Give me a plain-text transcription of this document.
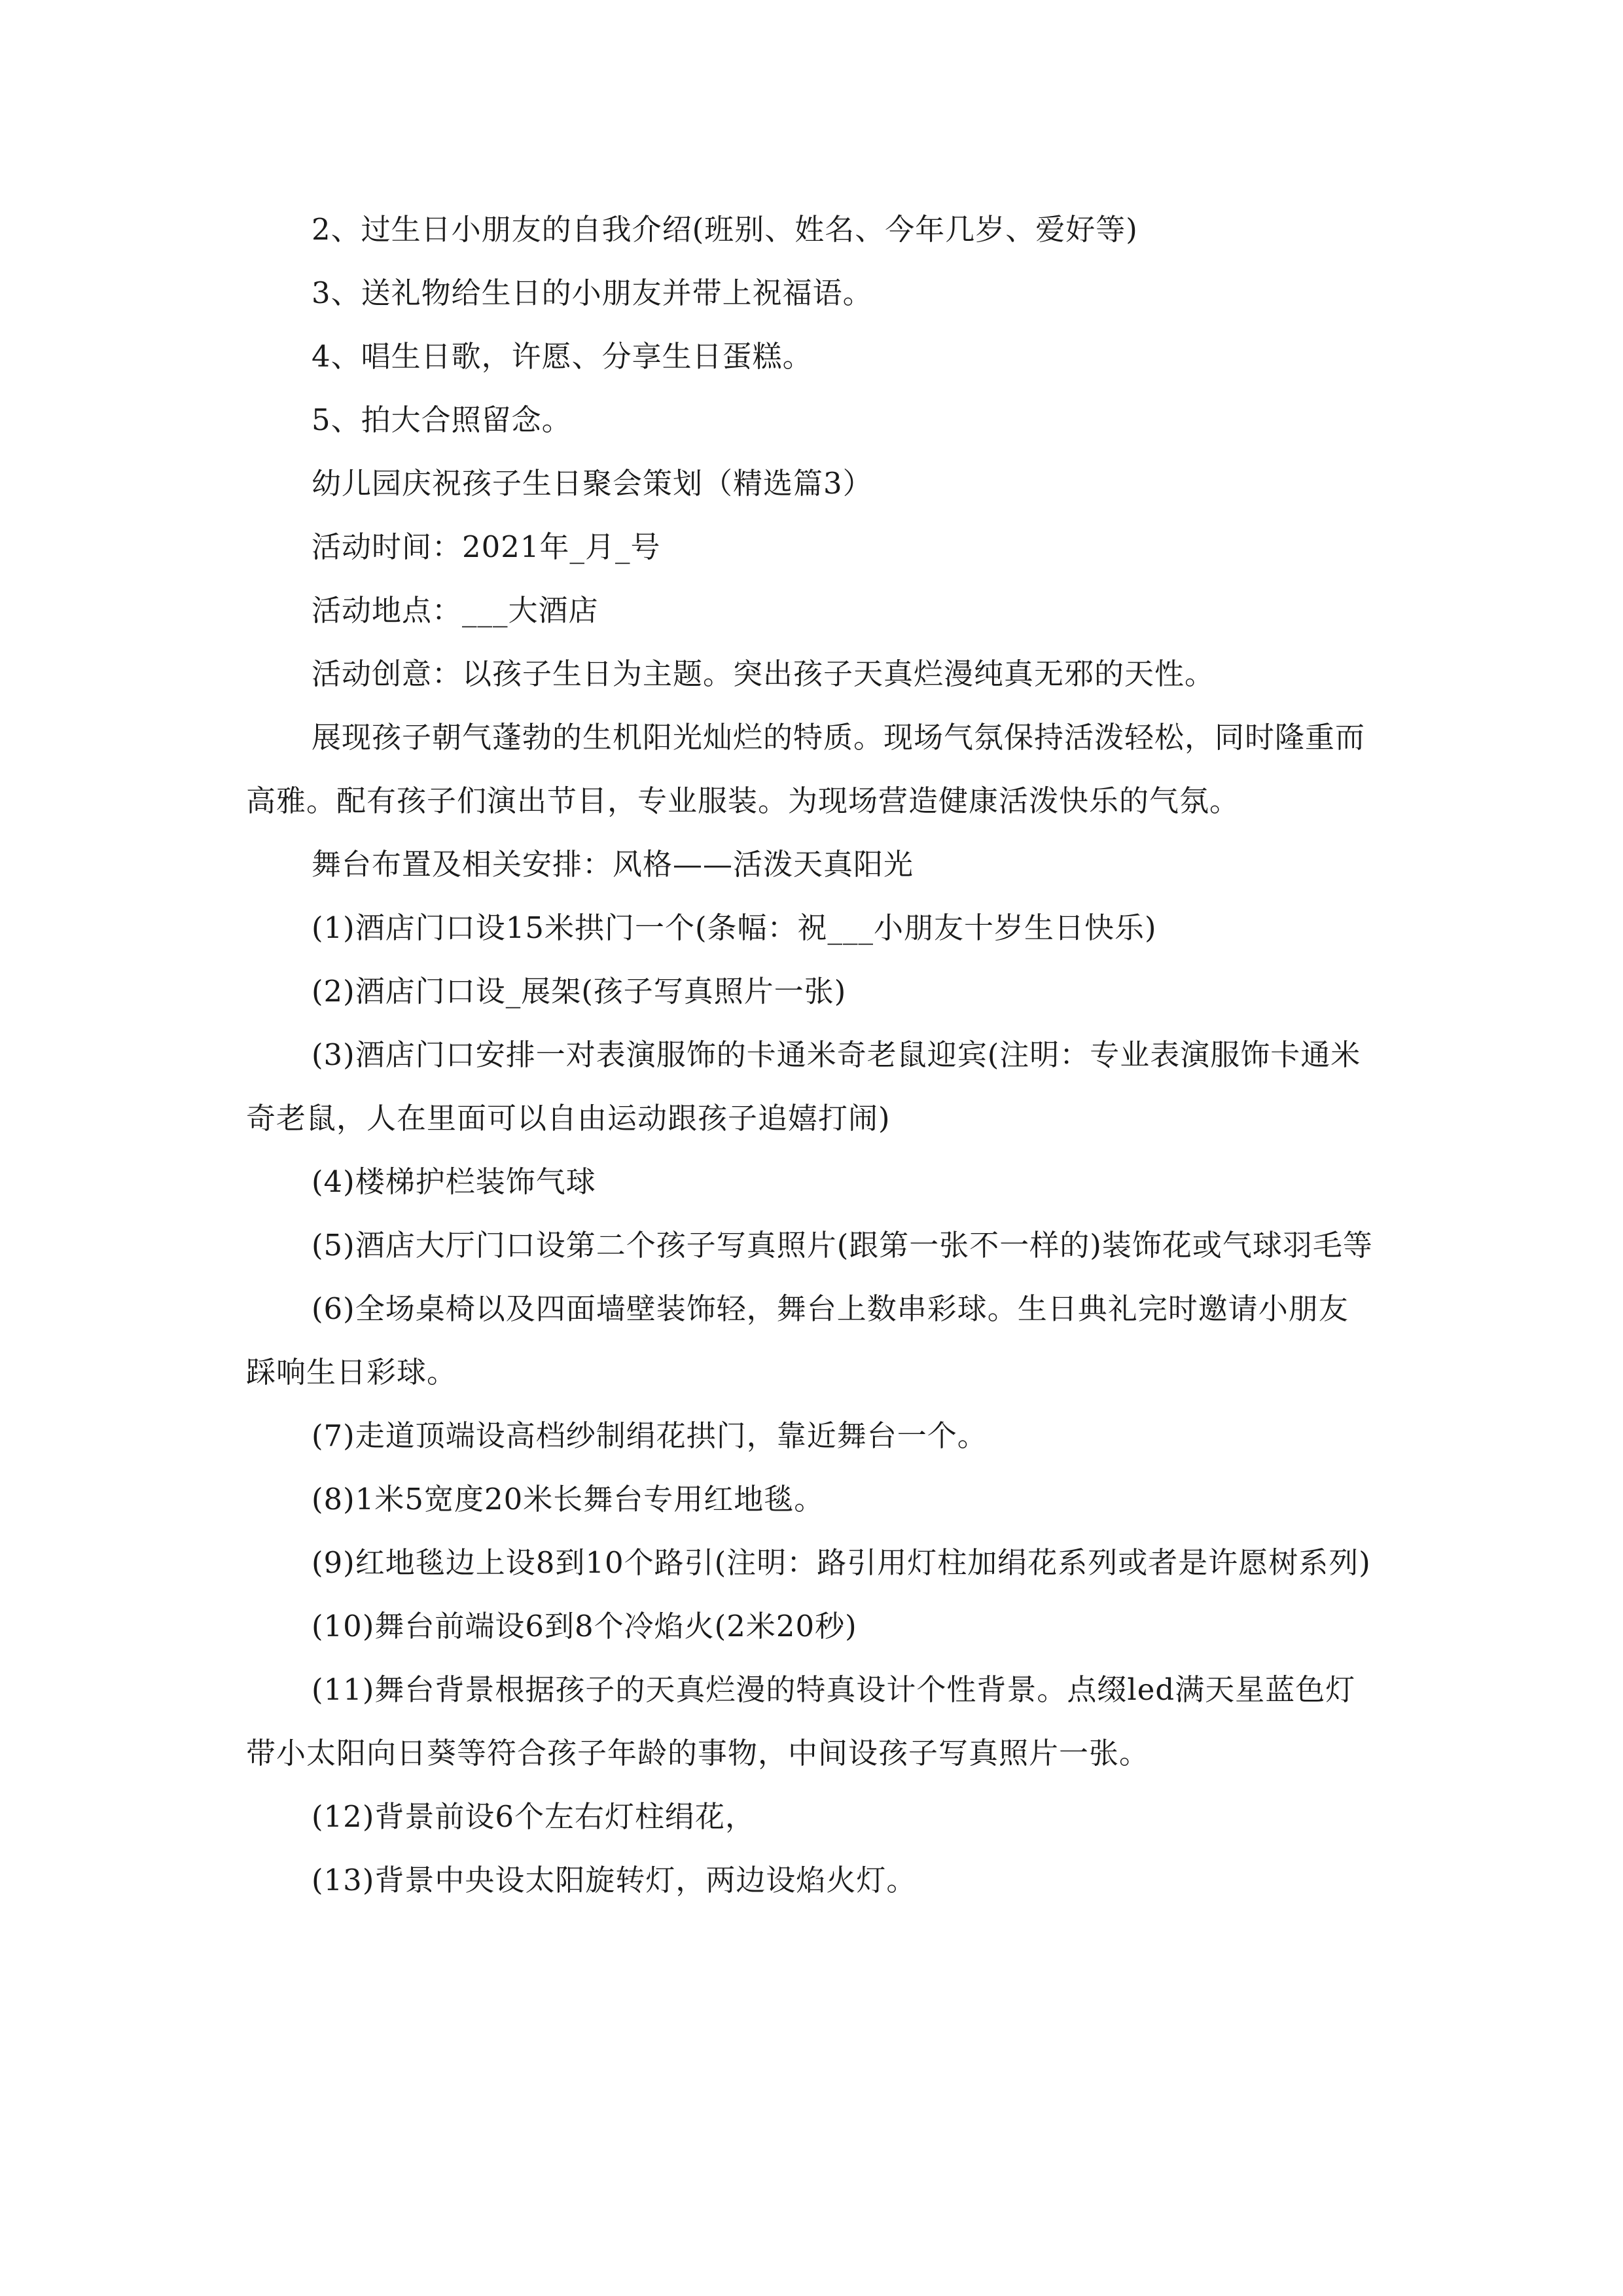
2、过生日小朋友的自我介绍(班别、姓名、今年几岁、爱好等)

3、送礼物给生日的小朋友并带上祝福语。

4、唱生日歌，许愿、分享生日蛋糕。

5、拍大合照留念。

幼儿园庆祝孩子生日聚会策划（精选篇3）

活动时间：2021年_月_号

活动地点：___大酒店

活动创意：以孩子生日为主题。突出孩子天真烂漫纯真无邪的天性。

展现孩子朝气蓬勃的生机阳光灿烂的特质。现场气氛保持活泼轻松，同时隆重而高雅。配有孩子们演出节目，专业服装。为现场营造健康活泼快乐的气氛。

舞台布置及相关安排：风格——活泼天真阳光

(1)酒店门口设15米拱门一个(条幅：祝___小朋友十岁生日快乐)

(2)酒店门口设_展架(孩子写真照片一张)

(3)酒店门口安排一对表演服饰的卡通米奇老鼠迎宾(注明：专业表演服饰卡通米奇老鼠，人在里面可以自由运动跟孩子追嬉打闹)

(4)楼梯护栏装饰气球

(5)酒店大厅门口设第二个孩子写真照片(跟第一张不一样的)装饰花或气球羽毛等

(6)全场桌椅以及四面墙壁装饰轻，舞台上数串彩球。生日典礼完时邀请小朋友踩响生日彩球。

(7)走道顶端设高档纱制绢花拱门，靠近舞台一个。

(8)1米5宽度20米长舞台专用红地毯。

(9)红地毯边上设8到10个路引(注明：路引用灯柱加绢花系列或者是许愿树系列)

(10)舞台前端设6到8个冷焰火(2米20秒)

(11)舞台背景根据孩子的天真烂漫的特真设计个性背景。点缀led满天星蓝色灯带小太阳向日葵等符合孩子年龄的事物，中间设孩子写真照片一张。

(12)背景前设6个左右灯柱绢花，

(13)背景中央设太阳旋转灯，两边设焰火灯。
